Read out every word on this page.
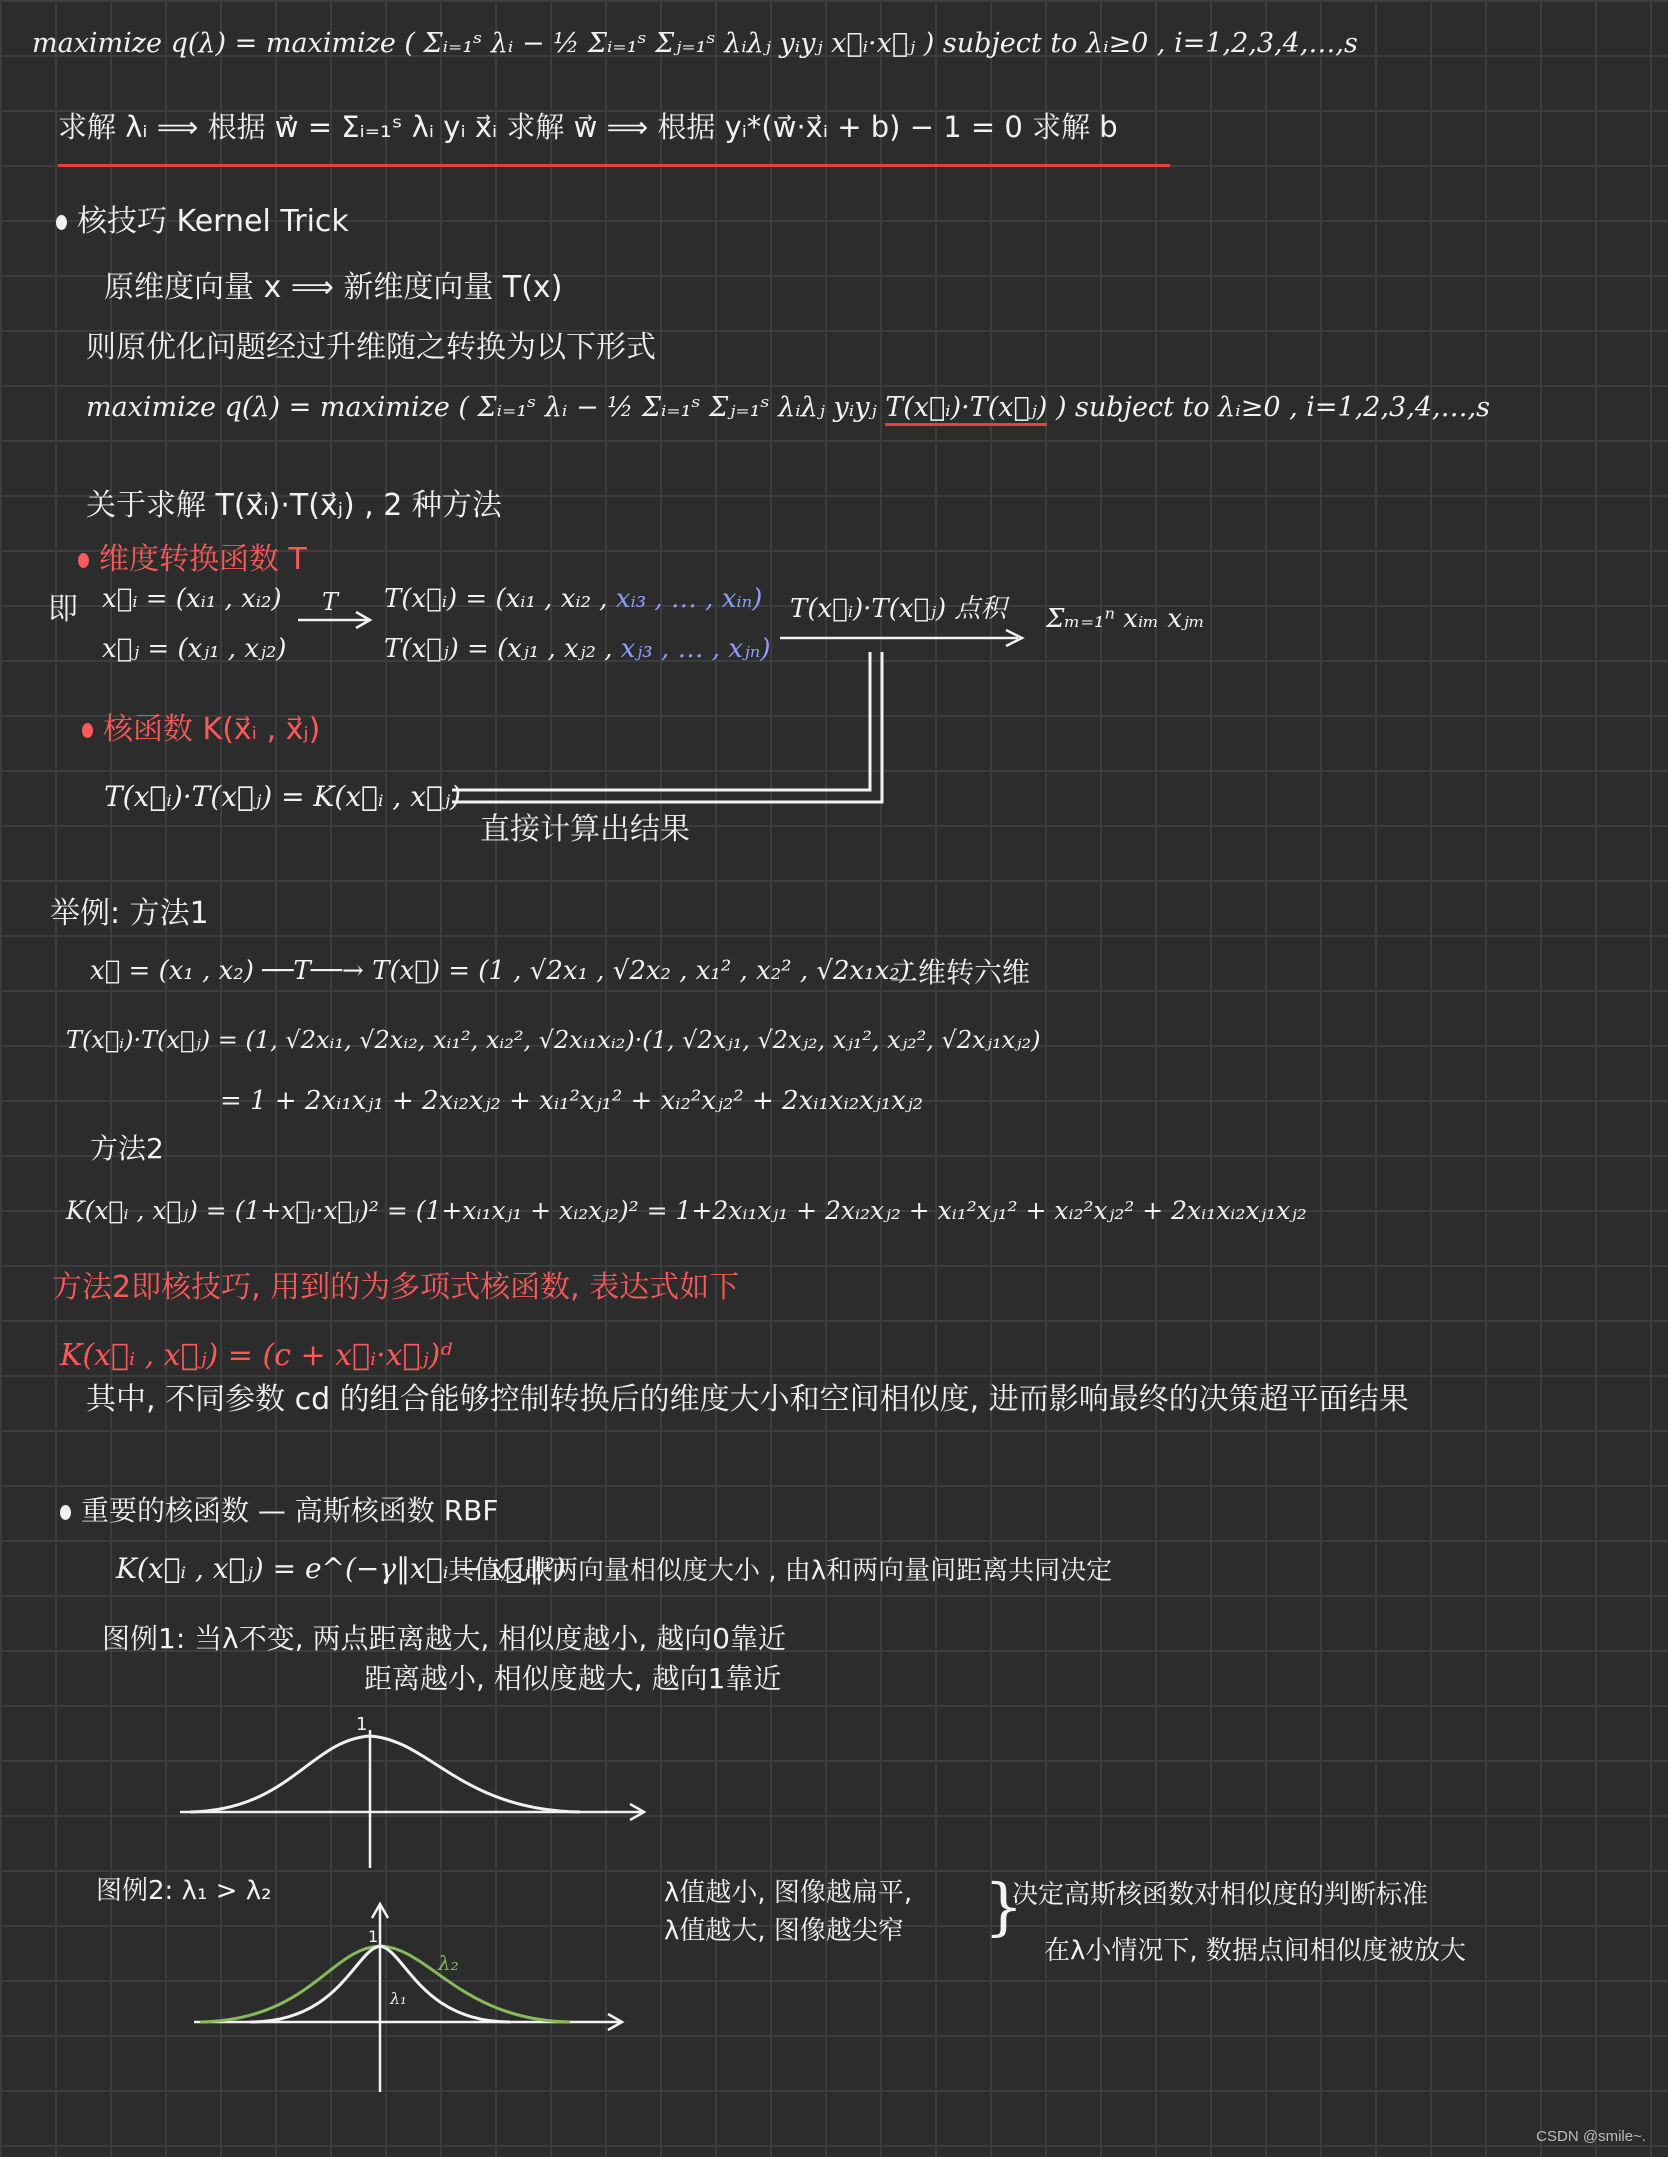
maximize q(λ) = maximize ( Σᵢ₌₁ˢ λᵢ − ½ Σᵢ₌₁ˢ Σⱼ₌₁ˢ λᵢλⱼ yᵢyⱼ x⃗ᵢ·x⃗ⱼ ) subject to λᵢ≥0 , i=1,2,3,4,…,s

求解 λᵢ ⟹ 根据 w⃗ = Σᵢ₌₁ˢ λᵢ yᵢ x⃗ᵢ 求解 w⃗ ⟹ 根据 yᵢ*(w⃗·x⃗ᵢ + b) − 1 = 0 求解 b

核技巧 Kernel Trick

原维度向量 x ⟹ 新维度向量 T(x)

则原优化问题经过升维随之转换为以下形式

maximize q(λ) = maximize ( Σᵢ₌₁ˢ λᵢ − ½ Σᵢ₌₁ˢ Σⱼ₌₁ˢ λᵢλⱼ yᵢyⱼ T(x⃗ᵢ)·T(x⃗ⱼ) ) subject to λᵢ≥0 , i=1,2,3,4,…,s

关于求解 T(x⃗ᵢ)·T(x⃗ⱼ) , 2 种方法

维度转换函数 T

即 x⃗ᵢ = (xᵢ₁ , xᵢ₂)

x⃗ⱼ = (xⱼ₁ , xⱼ₂)

T T(x⃗ᵢ) = (xᵢ₁ , xᵢ₂ , xᵢ₃ , … , xᵢₙ)

T(x⃗ⱼ) = (xⱼ₁ , xⱼ₂ , xⱼ₃ , … , xⱼₙ)

T(x⃗ᵢ)·T(x⃗ⱼ) 点积 Σₘ₌₁ⁿ xᵢₘ xⱼₘ

核函数 K(x⃗ᵢ , x⃗ⱼ)

T(x⃗ᵢ)·T(x⃗ⱼ) = K(x⃗ᵢ , x⃗ⱼ)

直接计算出结果

举例: 方法1

x⃗ = (x₁ , x₂) ──T──→ T(x⃗) = (1 , √2x₁ , √2x₂ , x₁² , x₂² , √2x₁x₂)

二维转六维

T(x⃗ᵢ)·T(x⃗ⱼ) = (1, √2xᵢ₁, √2xᵢ₂, xᵢ₁², xᵢ₂², √2xᵢ₁xᵢ₂)·(1, √2xⱼ₁, √2xⱼ₂, xⱼ₁², xⱼ₂², √2xⱼ₁xⱼ₂)

= 1 + 2xᵢ₁xⱼ₁ + 2xᵢ₂xⱼ₂ + xᵢ₁²xⱼ₁² + xᵢ₂²xⱼ₂² + 2xᵢ₁xᵢ₂xⱼ₁xⱼ₂

方法2

K(x⃗ᵢ , x⃗ⱼ) = (1+x⃗ᵢ·x⃗ⱼ)² = (1+xᵢ₁xⱼ₁ + xᵢ₂xⱼ₂)² = 1+2xᵢ₁xⱼ₁ + 2xᵢ₂xⱼ₂ + xᵢ₁²xⱼ₁² + xᵢ₂²xⱼ₂² + 2xᵢ₁xᵢ₂xⱼ₁xⱼ₂

方法2即核技巧, 用到的为多项式核函数, 表达式如下

K(x⃗ᵢ , x⃗ⱼ) = (c + x⃗ᵢ·x⃗ⱼ)ᵈ

其中, 不同参数 cd 的组合能够控制转换后的维度大小和空间相似度, 进而影响最终的决策超平面结果

重要的核函数 — 高斯核函数 RBF

K(x⃗ᵢ , x⃗ⱼ) = e^(−γ‖x⃗ᵢ − x⃗ⱼ‖²)

其值反映两向量相似度大小 , 由λ和两向量间距离共同决定

图例1: 当λ不变, 两点距离越大, 相似度越小, 越向0靠近

距离越小, 相似度越大, 越向1靠近

1

图例2: λ₁ > λ₂

1
λ₂
λ₁

λ值越小, 图像越扁平,

λ值越大, 图像越尖窄 }

决定高斯核函数对相似度的判断标准

在λ小情况下, 数据点间相似度被放大

CSDN @smile~.
